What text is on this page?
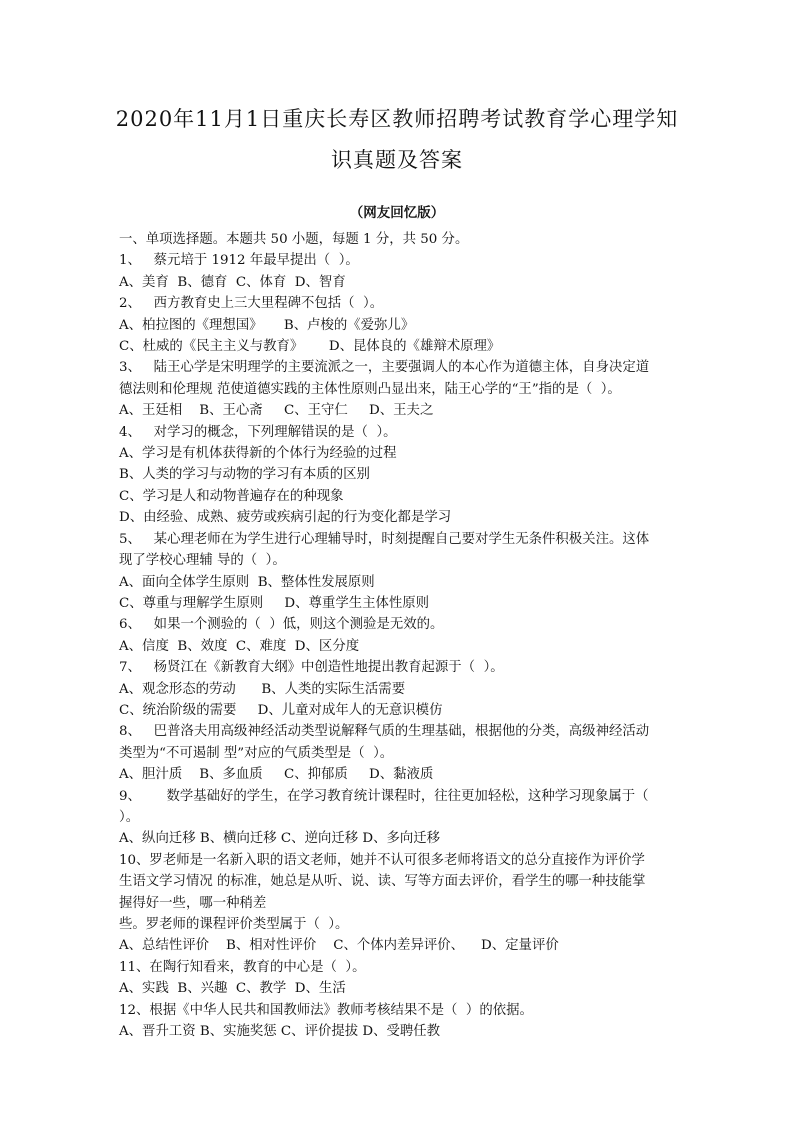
2020年11月1日重庆长寿区教师招聘考试教育学心理学知
识真题及答案
（网友回忆版）
一、单项选择题。本题共 50 小题，每题 1 分，共 50 分。
1、   蔡元培于 1912 年最早提出（  ）。
A、美育  B、德育  C、体育  D、智育
2、   西方教育史上三大里程碑不包括（  ）。
A、柏拉图的《理想国》     B、卢梭的《爱弥儿》
C、杜威的《民主主义与教育》      D、昆体良的《雄辩术原理》
3、   陆王心学是宋明理学的主要流派之一，主要强调人的本心作为道德主体，自身决定道
德法则和伦理规 范使道德实践的主体性原则凸显出来，陆王心学的“王”指的是（  ）。
A、王廷相    B、王心斋     C、王守仁     D、王夫之
4、   对学习的概念，下列理解错误的是（  ）。
A、学习是有机体获得新的个体行为经验的过程
B、人类的学习与动物的学习有本质的区别
C、学习是人和动物普遍存在的种现象
D、由经验、成熟、疲劳或疾病引起的行为变化都是学习
5、   某心理老师在为学生进行心理辅导时，时刻提醒自己要对学生无条件积极关注。这体
现了学校心理辅 导的（  ）。
A、面向全体学生原则  B、整体性发展原则
C、尊重与理解学生原则     D、尊重学生主体性原则
6、   如果一个测验的（  ）低，则这个测验是无效的。
A、信度  B、效度  C、难度  D、区分度
7、   杨贤江在《新教育大纲》中创造性地提出教育起源于（  ）。
A、观念形态的劳动      B、人类的实际生活需要
C、统治阶级的需要     D、儿童对成年人的无意识模仿
8、   巴普洛夫用高级神经活动类型说解释气质的生理基础，根据他的分类，高级神经活动
类型为“不可遏制 型”对应的气质类型是（  ）。
A、胆汁质    B、多血质     C、抑郁质     D、黏液质
9、      数学基础好的学生，在学习教育统计课程时，往往更加轻松，这种学习现象属于（
）。
A、纵向迁移 B、横向迁移 C、逆向迁移 D、多向迁移
10、罗老师是一名新入职的语文老师，她并不认可很多老师将语文的总分直接作为评价学
生语文学习情况 的标准，她总是从听、说、读、写等方面去评价，看学生的哪一种技能掌
握得好一些，哪一种稍差
些。罗老师的课程评价类型属于（  ）。
A、总结性评价    B、相对性评价    C、个体内差异评价、    D、定量评价
11、在陶行知看来，教育的中心是（  ）。
A、实践  B、兴趣  C、教学  D、生活
12、根据《中华人民共和国教师法》教师考核结果不是（  ）的依据。
A、晋升工资 B、实施奖惩 C、评价提拔 D、受聘任教
